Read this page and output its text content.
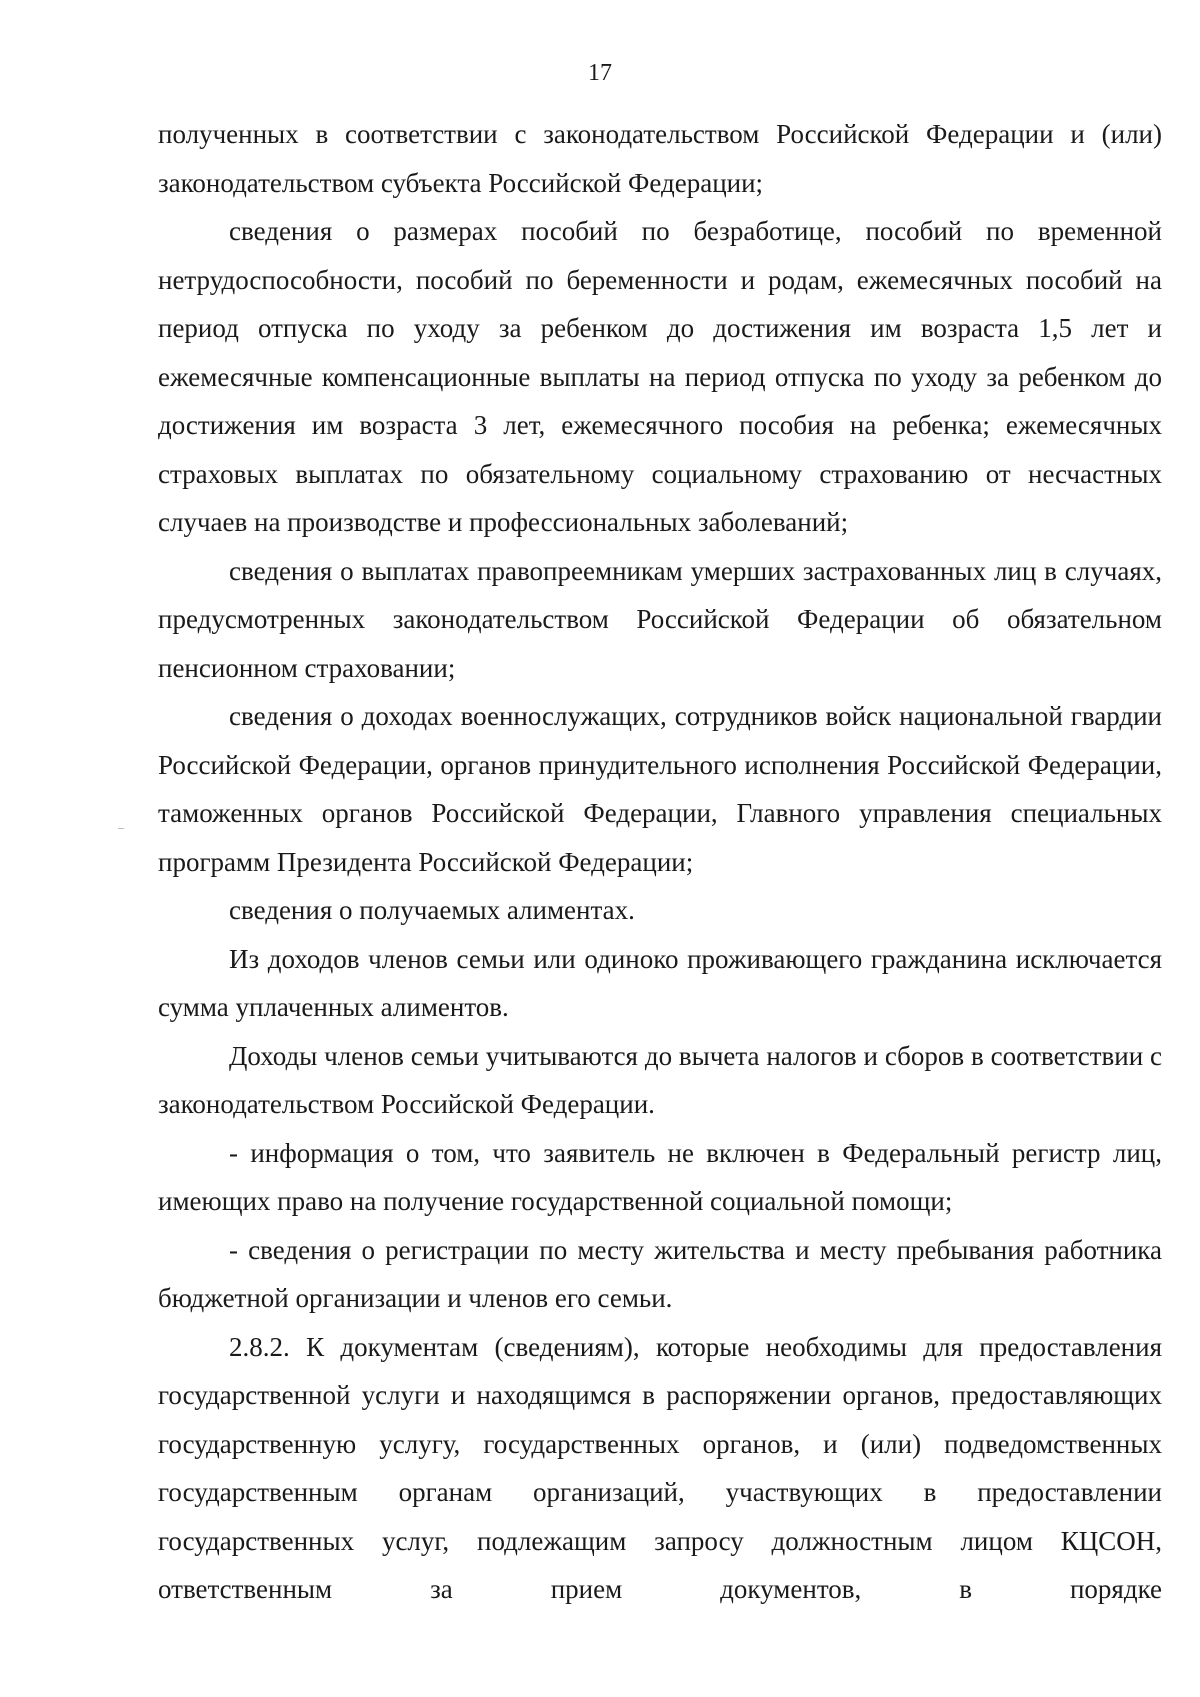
17

полученных в соответствии с законодательством Российской Федерации и (или) законодательством субъекта Российской Федерации;

сведения о размерах пособий по безработице, пособий по временной нетрудоспособности, пособий по беременности и родам, ежемесячных пособий на период отпуска по уходу за ребенком до достижения им возраста 1,5 лет и ежемесячные компенсационные выплаты на период отпуска по уходу за ребенком до достижения им возраста 3 лет, ежемесячного пособия на ребенка; ежемесячных страховых выплатах по обязательному социальному страхованию от несчастных случаев на производстве и профессиональных заболеваний;

сведения о выплатах правопреемникам умерших застрахованных лиц в случаях, предусмотренных законодательством Российской Федерации об обязательном пенсионном страховании;

сведения о доходах военнослужащих, сотрудников войск национальной гвардии Российской Федерации, органов принудительного исполнения Российской Федерации, таможенных органов Российской Федерации, Главного управления специальных программ Президента Российской Федерации;

сведения о получаемых алиментах.

Из доходов членов семьи или одиноко проживающего гражданина исключается сумма уплаченных алиментов.

Доходы членов семьи учитываются до вычета налогов и сборов в соответствии с законодательством Российской Федерации.

- информация о том, что заявитель не включен в Федеральный регистр лиц, имеющих право на получение государственной социальной помощи;

- сведения о регистрации по месту жительства и месту пребывания работника бюджетной организации и членов его семьи.

2.8.2. К документам (сведениям), которые необходимы для предоставления государственной услуги и находящимся в распоряжении органов, предоставляющих государственную услугу, государственных органов, и (или) подведомственных государственным органам организаций, участвующих в предоставлении государственных услуг, подлежащим запросу должностным лицом КЦСОН, ответственным за прием документов, в порядке
